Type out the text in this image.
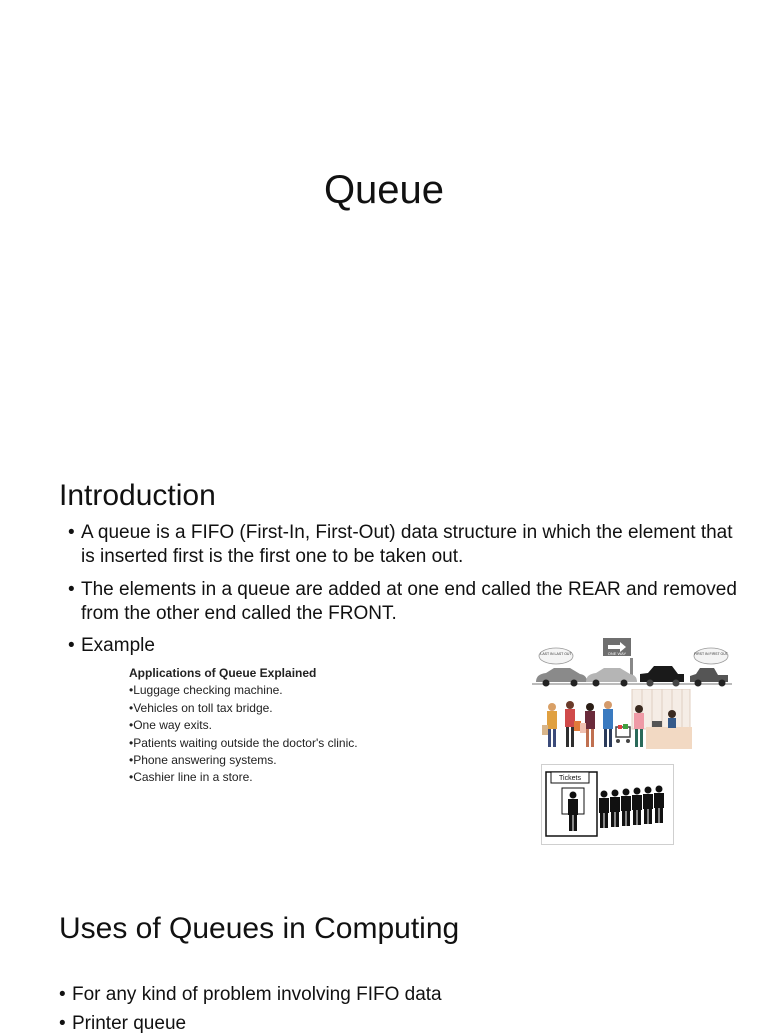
Queue
Introduction
• A queue is a FIFO (First-In, First-Out) data structure in which the element that is inserted first is the first one to be taken out.
• The elements in a queue are added at one end called the REAR and removed from the other end called the FRONT.
• Example
Applications of Queue Explained
•Luggage checking machine.
•Vehicles on toll tax bridge.
•One way exits.
•Patients waiting outside the doctor's clinic.
•Phone answering systems.
•Cashier line in a store.
LAST IN LAST OUT	FIRST IN FIRST OUT
ONE WAY
Tickets
Uses of Queues in Computing
• For any kind of problem involving FIFO data
• Printer queue
